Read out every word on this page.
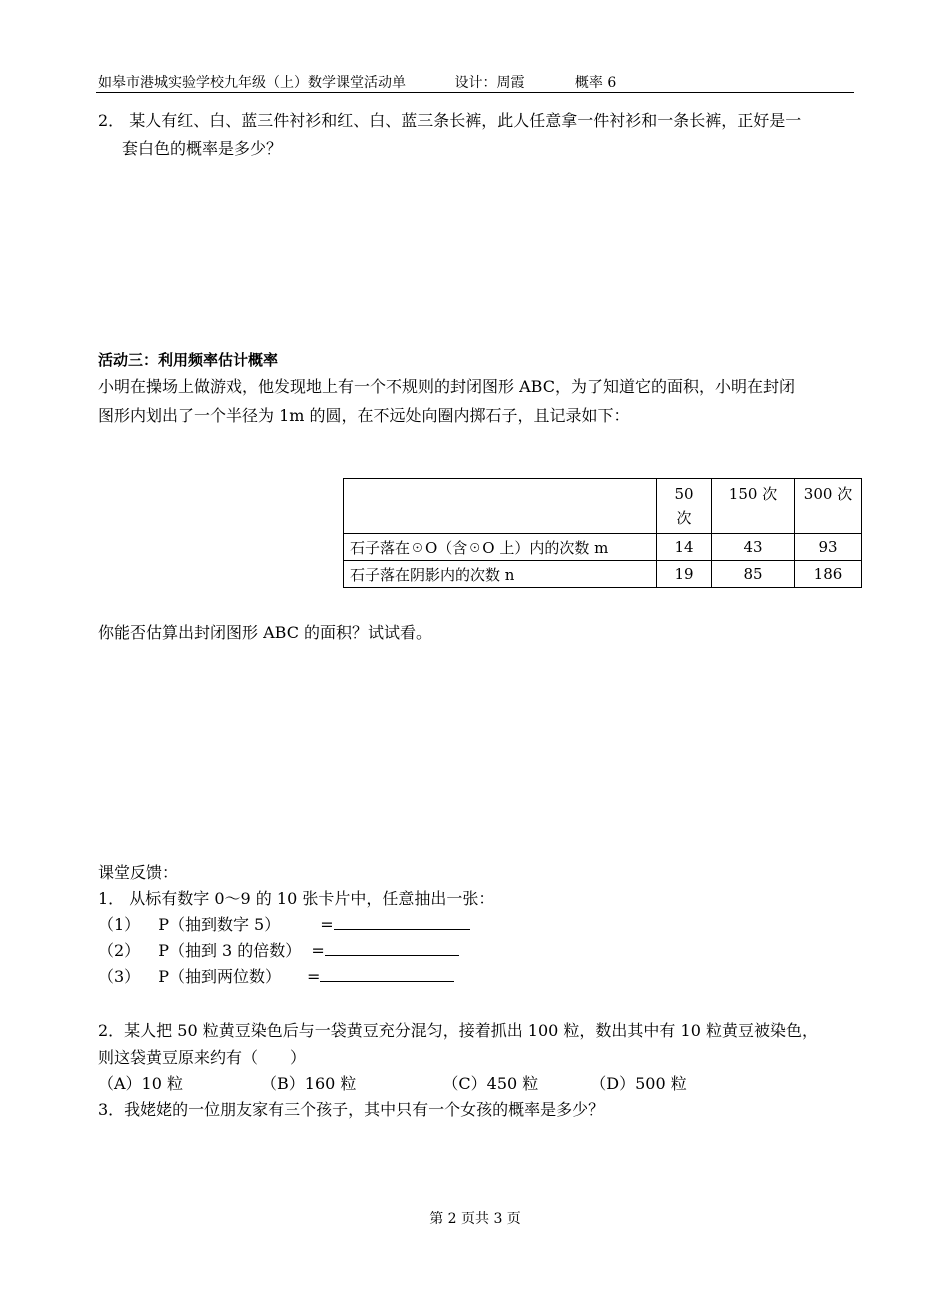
如皋市港城实验学校九年级（上）数学课堂活动单	设计：周霞	概率 6
2． 某人有红、白、蓝三件衬衫和红、白、蓝三条长裤，此人任意拿一件衬衫和一条长裤，正好是一
套白色的概率是多少？
活动三：利用频率估计概率
小明在操场上做游戏，他发现地上有一个不规则的封闭图形 ABC，为了知道它的面积，小明在封闭
图形内划出了一个半径为 1m 的圆，在不远处向圈内掷石子，且记录如下：

	50
次	150 次	300 次
石子落在☉O（含☉O 上）内的次数 m	14	43	93
石子落在阴影内的次数 n	19	85	186
你能否估算出封闭图形 ABC 的面积？试试看。
课堂反馈：
1． 从标有数字 0～9 的 10 张卡片中，任意抽出一张：
（1） P（抽到数字 5）	=
（2） P（抽到 3 的倍数） =
（3） P（抽到两位数） =
2．某人把 50 粒黄豆染色后与一袋黄豆充分混匀，接着抓出 100 粒，数出其中有 10 粒黄豆被染色，
则这袋黄豆原来约有（　　）
（A）10 粒	（B）160 粒	（C）450 粒	（D）500 粒
3．我姥姥的一位朋友家有三个孩子，其中只有一个女孩的概率是多少？
第 2 页共 3 页
